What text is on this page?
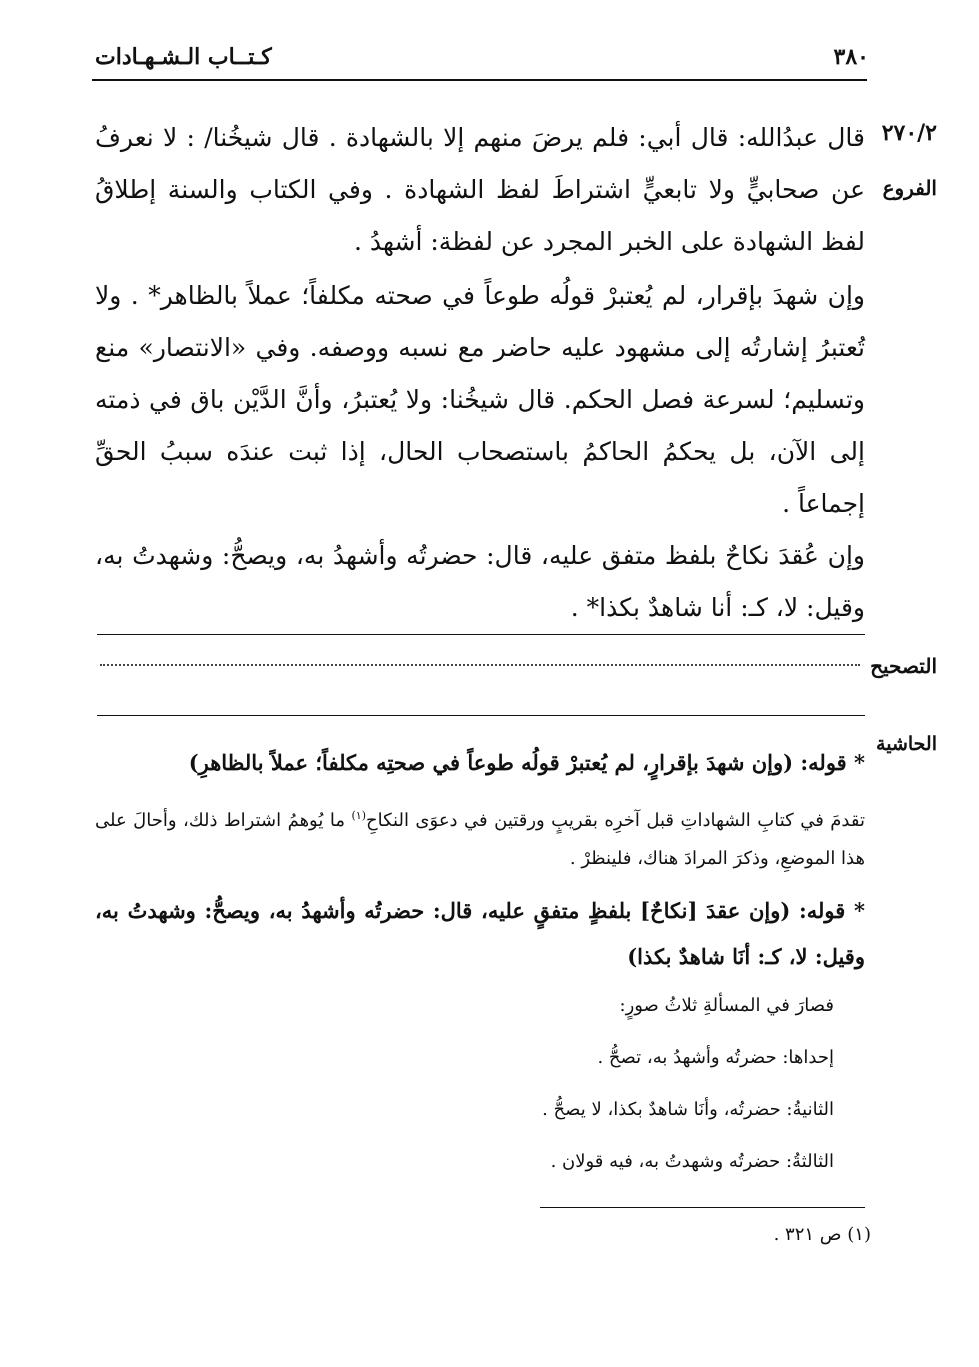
كـتــاب الـشـهـادات	٣٨٠
٢٧٠/٢
الفروع
التصحيح
الحاشية

قال عبدُالله: قال أبي: فلم يرضَ منهم إلا بالشهادة . قال شيخُنا/ : لا نعرفُ عن صحابيٍّ ولا تابعيٍّ اشتراطَ لفظ الشهادة . وفي الكتاب والسنة إطلاقُ لفظ الشهادة على الخبر المجرد عن لفظة: أشهدُ .

وإن شهدَ بإقرار، لم يُعتبرْ قولُه طوعاً في صحته مكلفاً؛ عملاً بالظاهر* . ولا تُعتبرُ إشارتُه إلى مشهود عليه حاضر مع نسبه ووصفه. وفي «الانتصار» منع وتسليم؛ لسرعة فصل الحكم. قال شيخُنا: ولا يُعتبرُ، وأنَّ الدَّيْن باق في ذمته إلى الآن، بل يحكمُ الحاكمُ باستصحاب الحال، إذا ثبت عندَه سببُ الحقِّ إجماعاً .

وإن عُقدَ نكاحٌ بلفظ متفق عليه، قال: حضرتُه وأشهدُ به، ويصحُّ: وشهدتُ به، وقيل: لا، كـ: أنا شاهدٌ بكذا* .

* قوله: (وإن شهدَ بإقرارٍ، لم يُعتبرْ قولُه طوعاً في صحتِه مكلفاً؛ عملاً بالظاهرِ)

تقدمَ في كتابِ الشهاداتِ قبل آخرِه بقريبٍ ورقتين في دعوَى النكاحِ$^{(١)}$ ما يُوهمُ اشتراط ذلك، وأحالَ على هذا الموضعِ، وذكرَ المرادَ هناك، فلينظرْ .

* قوله: (وإن عقدَ [نكاحٌ] بلفظٍ متفقٍ عليه، قال: حضرتُه وأشهدُ به، ويصحُّ: وشهدتُ به، وقيل: لا، كـ: أنَا شاهدٌ بكذا)

فصارَ في المسألةِ ثلاثُ صورٍ:
إحداها: حضرتُه وأشهدُ به، تصحُّ .
الثانيةُ: حضرتُه، وأنَا شاهدٌ بكذا، لا يصحُّ .
الثالثةُ: حضرتُه وشهدتُ به، فيه قولان .
(١) ص ٣٢١ .
